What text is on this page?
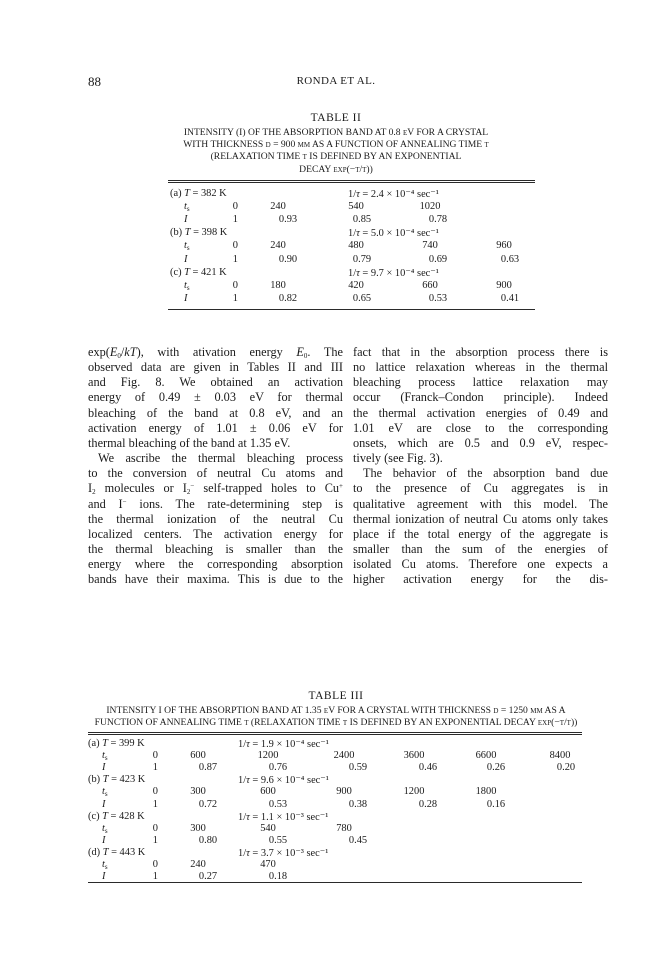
88	RONDA ET AL.
TABLE II
INTENSITY (I) OF THE ABSORPTION BAND AT 0.8 eV FOR A CRYSTAL
WITH THICKNESS d = 900 μm AS A FUNCTION OF ANNEALING TIME t
(RELAXATION TIME τ IS DEFINED BY AN EXPONENTIAL
DECAY exp(−t/τ))
(a) T = 382 K	1/τ = 2.4 × 10⁻⁴ sec⁻¹
$t_s$	0	240	540	1020
I	1	0.93	0.85	0.78
(b) T = 398 K	1/τ = 5.0 × 10⁻⁴ sec⁻¹
$t_s$	0	240	480	740	960
I	1	0.90	0.79	0.69	0.63
(c) T = 421 K	1/τ = 9.7 × 10⁻⁴ sec⁻¹
$t_s$	0	180	420	660	900
I	1	0.82	0.65	0.53	0.41
$\exp(E_0/kT)$, with ativation energy $E_0$. The
observed data are given in Tables II and III
and Fig. 8. We obtained an activation
energy of 0.49 ± 0.03 eV for thermal
bleaching of the band at 0.8 eV, and an
activation energy of 1.01 ± 0.06 eV for
thermal bleaching of the band at 1.35 eV.
We ascribe the thermal bleaching process
to the conversion of neutral Cu atoms and
$I_2$ molecules or $I_2^-$ self-trapped holes to Cu+
and I− ions. The rate-determining step is
the thermal ionization of the neutral Cu
localized centers. The activation energy for
the thermal bleaching is smaller than the
energy where the corresponding absorption
bands have their maxima. This is due to the
fact that in the absorption process there is
no lattice relaxation whereas in the thermal
bleaching process lattice relaxation may
occur (Franck–Condon principle). Indeed
the thermal activation energies of 0.49 and
1.01 eV are close to the corresponding
onsets, which are 0.5 and 0.9 eV, respec-
tively (see Fig. 3).
The behavior of the absorption band due
to the presence of Cu aggregates is in
qualitative agreement with this model. The
thermal ionization of neutral Cu atoms only takes
place if the total energy of the aggregate is
smaller than the sum of the energies of
isolated Cu atoms. Therefore one expects a
higher activation energy for the dis-
TABLE III
INTENSITY I OF THE ABSORPTION BAND AT 1.35 eV FOR A CRYSTAL WITH THICKNESS d = 1250 μm AS A
FUNCTION OF ANNEALING TIME t (RELAXATION TIME τ IS DEFINED BY AN EXPONENTIAL DECAY exp(−t/τ))
(a) T = 399 K	1/τ = 1.9 × 10⁻⁴ sec⁻¹
$t_s$	0	600	1200	2400	3600	6600	8400
I	1	0.87	0.76	0.59	0.46	0.26	0.20
(b) T = 423 K	1/τ = 9.6 × 10⁻⁴ sec⁻¹
$t_s$	0	300	600	900	1200	1800
I	1	0.72	0.53	0.38	0.28	0.16
(c) T = 428 K	1/τ = 1.1 × 10⁻³ sec⁻¹
$t_s$	0	300	540	780
I	1	0.80	0.55	0.45
(d) T = 443 K	1/τ = 3.7 × 10⁻³ sec⁻¹
$t_s$	0	240	470
I	1	0.27	0.18
